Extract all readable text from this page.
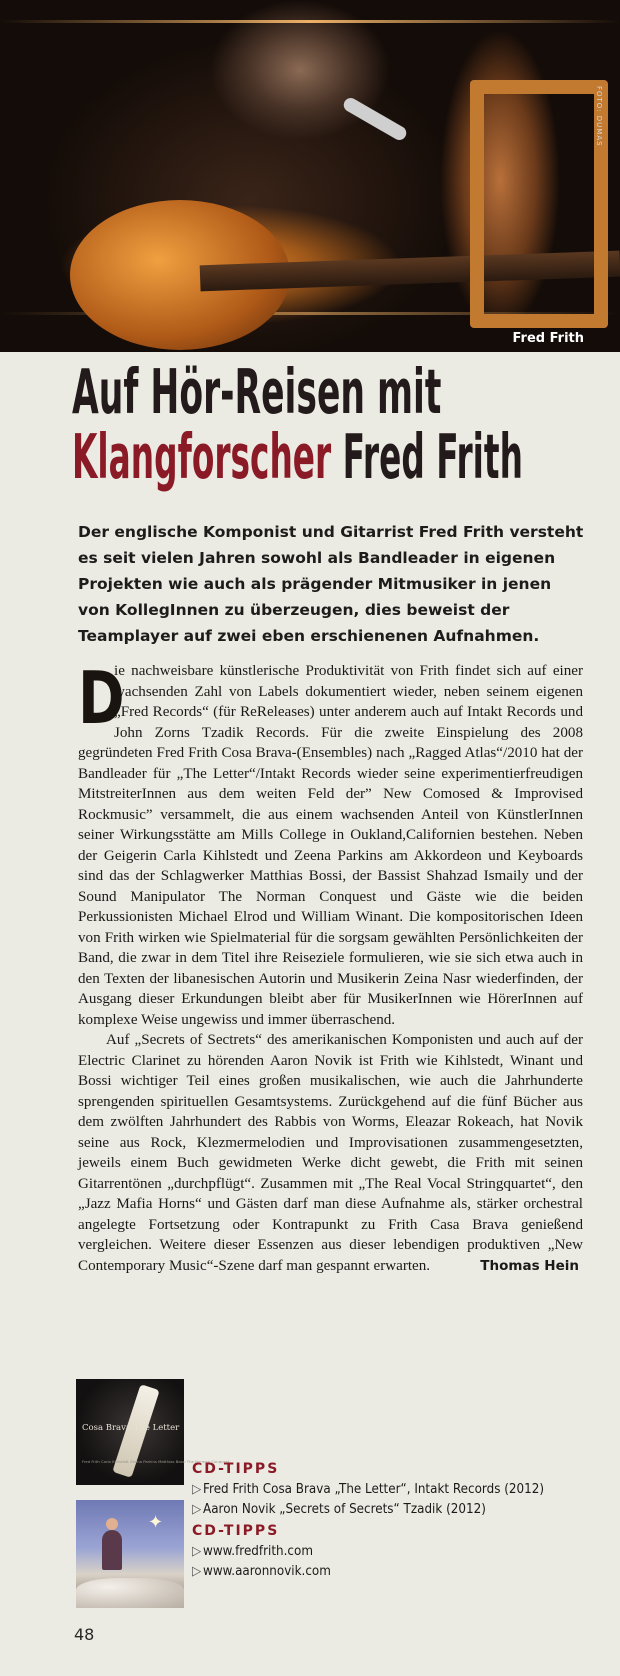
FOTO: DUMAS
Fred Frith
Auf Hör-Reisen mit
Klangforscher Fred Frith

Der englische Komponist und Gitarrist Fred Frith versteht es seit vielen Jahren sowohl als Bandleader in eigenen Projekten wie auch als prägender Mitmusiker in jenen von KollegInnen zu überzeugen, dies beweist der Teamplayer auf zwei eben erschienenen Aufnahmen.

D
ie nachweisbare künstlerische Produktivität von Frith findet sich auf einer wachsenden Zahl von Labels dokumentiert wieder, neben seinem eigenen „Fred Records“ (für ReReleases) unter anderem auch auf Intakt Records und John Zorns Tzadik Records. Für die zweite Einspielung des 2008 gegründeten Fred Frith Cosa Brava-(Ensembles) nach „Ragged Atlas“/2010 hat der Bandleader für „The Letter“/Intakt Records wieder seine experimentierfreudigen MitstreiterInnen aus dem weiten Feld der” New Comosed & Improvised Rockmusic” versammelt, die aus einem wachsenden Anteil von KünstlerInnen seiner Wirkungsstätte am Mills College in Oukland,Californien bestehen. Neben der Geigerin Carla Kihlstedt und Zeena Parkins am Akkordeon und Keyboards sind das der Schlagwerker Matthias Bossi, der Bassist Shahzad Ismaily und der Sound Manipulator The Norman Conquest und Gäste wie die beiden Perkussionisten Michael Elrod und William Winant. Die kompositorischen Ideen von Frith wirken wie Spielmaterial für die sorgsam gewählten Persönlichkeiten der Band, die zwar in dem Titel ihre Reiseziele formulieren, wie sie sich etwa auch in den Texten der libanesischen Autorin und Musikerin Zeina Nasr wiederfinden, der Ausgang dieser Erkundungen bleibt aber für MusikerInnen wie HörerInnen auf komplexe Weise ungewiss und immer überraschend.

Auf „Secrets of Sectrets“ des amerikanischen Komponisten und auch auf der Electric Clarinet zu hörenden Aaron Novik ist Frith wie Kihlstedt, Winant und Bossi wichtiger Teil eines großen musikalischen, wie auch die Jahrhunderte sprengenden spirituellen Gesamtsystems. Zurückgehend auf die fünf Bücher aus dem zwölften Jahrhundert des Rabbis von Worms, Eleazar Rokeach, hat Novik seine aus Rock, Klezmermelodien und Improvisationen zusammengesetzten, jeweils einem Buch gewidmeten Werke dicht gewebt, die Frith mit seinen Gitarrentönen „durchpflügt“. Zusammen mit „The Real Vocal Stringquartet“, den „Jazz Mafia Horns“ und Gästen darf man diese Aufnahme als, stärker orchestral angelegte Fortsetzung oder Kontrapunkt zu Frith Casa Brava genießend vergleichen. Weitere dieser Essenzen aus dieser lebendigen produktiven „New Contemporary Music“-Szene darf man gespannt erwarten.	Thomas Hein

Cosa Brava The Letter
Fred Frith Carla Kihlstedt Zeena Parkins Matthias Bossi The Norman Conquest
✦
CD-TIPPS
▷ Fred Frith Cosa Brava „The Letter“, Intakt Records (2012)
▷ Aaron Novik „Secrets of Secrets“ Tzadik (2012)
CD-TIPPS
▷ www.fredfrith.com
▷ www.aaronnovik.com
48
